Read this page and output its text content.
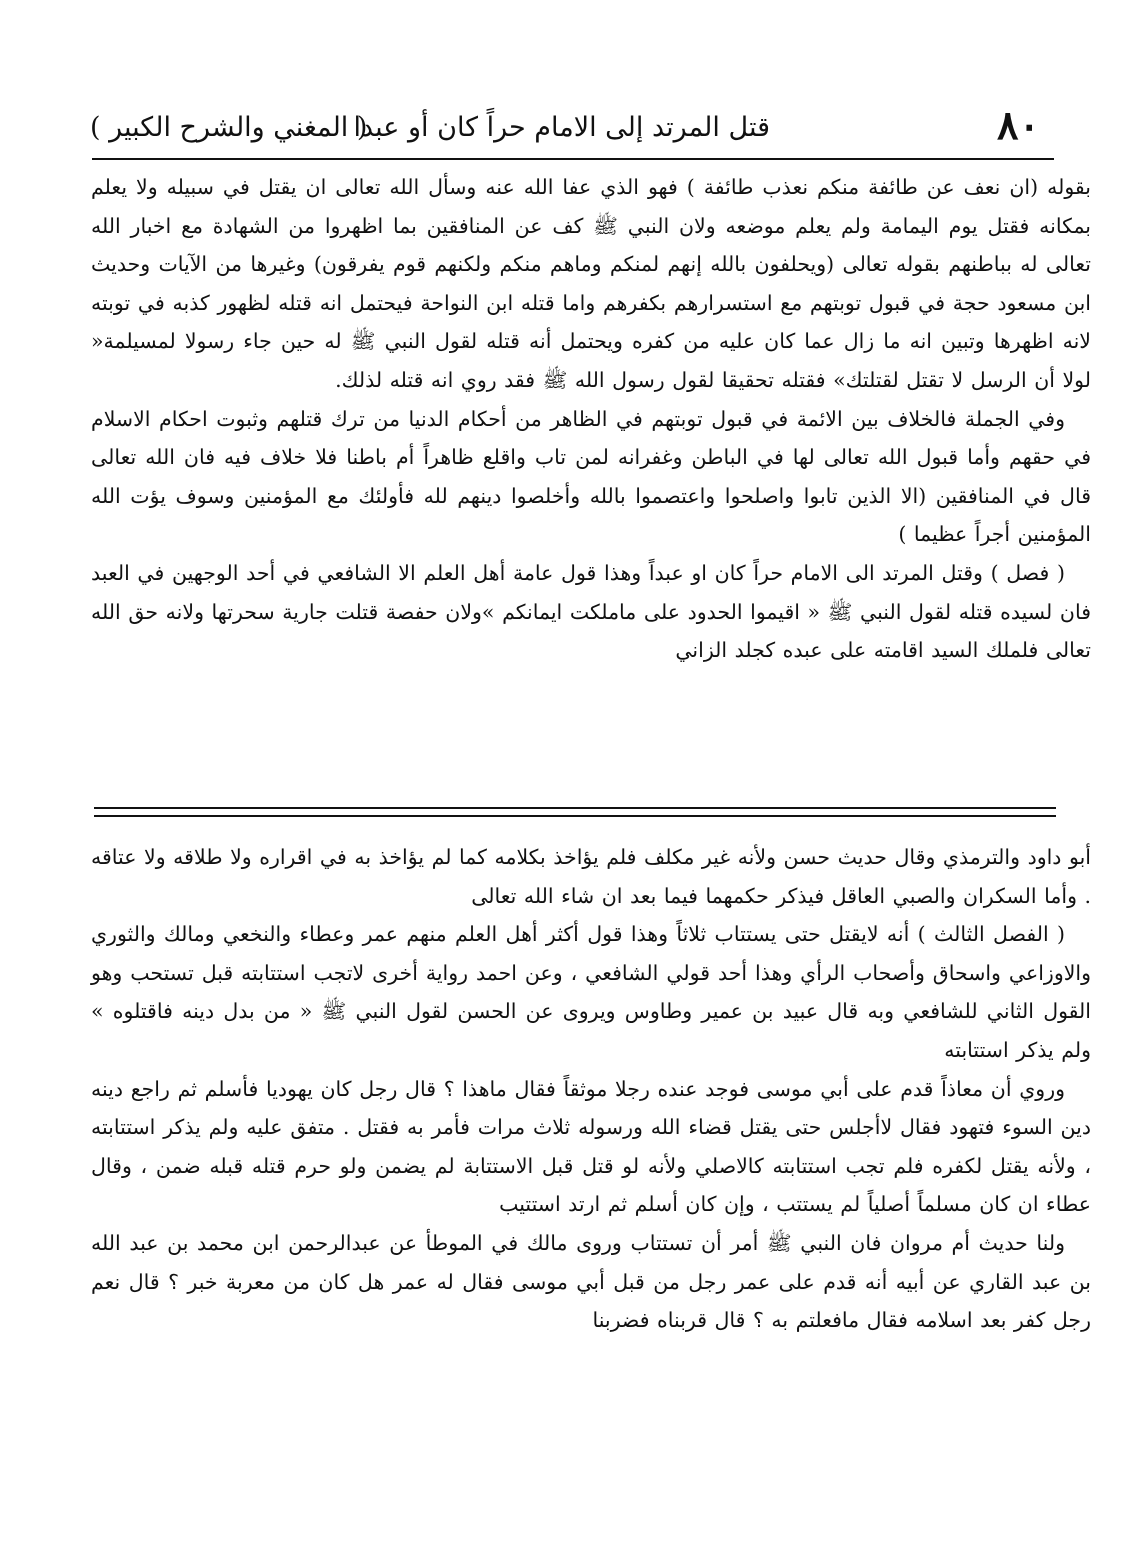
٨٠
قتل المرتد إلى الامام حراً كان أو عبدا
( المغني والشرح الكبير )

بقوله (ان نعف عن طائفة منكم نعذب طائفة ) فهو الذي عفا الله عنه وسأل الله تعالى ان يقتل في سبيله ولا يعلم بمكانه فقتل يوم اليمامة ولم يعلم موضعه ولان النبي ﷺ كف عن المنافقين بما اظهروا من الشهادة مع اخبار الله تعالى له بباطنهم بقوله تعالى (ويحلفون بالله إنهم لمنكم وماهم منكم ولكنهم قوم يفرقون) وغيرها من الآيات وحديث ابن مسعود حجة في قبول توبتهم مع استسرارهم بكفرهم واما قتله ابن النواحة فيحتمل انه قتله لظهور كذبه في توبته لانه اظهرها وتبين انه ما زال عما كان عليه من كفره ويحتمل أنه قتله لقول النبي ﷺ له حين جاء رسولا لمسيلمة« لولا أن الرسل لا تقتل لقتلتك» فقتله تحقيقا لقول رسول الله ﷺ فقد روي انه قتله لذلك.

وفي الجملة فالخلاف بين الائمة في قبول توبتهم في الظاهر من أحكام الدنيا من ترك قتلهم وثبوت احكام الاسلام في حقهم وأما قبول الله تعالى لها في الباطن وغفرانه لمن تاب واقلع ظاهراً أم باطنا فلا خلاف فيه فان الله تعالى قال في المنافقين (الا الذين تابوا واصلحوا واعتصموا بالله وأخلصوا دينهم لله فأولئك مع المؤمنين وسوف يؤت الله المؤمنين أجراً عظيما )

( فصل ) وقتل المرتد الى الامام حراً كان او عبداً وهذا قول عامة أهل العلم الا الشافعي في أحد الوجهين في العبد فان لسيده قتله لقول النبي ﷺ « اقيموا الحدود على ماملكت ايمانكم »ولان حفصة قتلت جارية سحرتها ولانه حق الله تعالى فلملك السيد اقامته على عبده كجلد الزاني

أبو داود والترمذي وقال حديث حسن ولأنه غير مكلف فلم يؤاخذ بكلامه كما لم يؤاخذ به في اقراره ولا طلاقه ولا عتاقه . وأما السكران والصبي العاقل فيذكر حكمهما فيما بعد ان شاء الله تعالى

( الفصل الثالث ) أنه لايقتل حتى يستتاب ثلاثاً وهذا قول أكثر أهل العلم منهم عمر وعطاء والنخعي ومالك والثوري والاوزاعي واسحاق وأصحاب الرأي وهذا أحد قولي الشافعي ، وعن احمد رواية أخرى لاتجب استتابته قبل تستحب وهو القول الثاني للشافعي وبه قال عبيد بن عمير وطاوس ويروى عن الحسن لقول النبي ﷺ « من بدل دينه فاقتلوه » ولم يذكر استتابته

وروي أن معاذاً قدم على أبي موسى فوجد عنده رجلا موثقاً فقال ماهذا ؟ قال رجل كان يهوديا فأسلم ثم راجع دينه دين السوء فتهود فقال لاأجلس حتى يقتل قضاء الله ورسوله ثلاث مرات فأمر به فقتل . متفق عليه ولم يذكر استتابته ، ولأنه يقتل لكفره فلم تجب استتابته كالاصلي ولأنه لو قتل قبل الاستتابة لم يضمن ولو حرم قتله قبله ضمن ، وقال عطاء ان كان مسلماً أصلياً لم يستتب ، وإن كان أسلم ثم ارتد استتيب

ولنا حديث أم مروان فان النبي ﷺ أمر أن تستتاب وروى مالك في الموطأ عن عبدالرحمن ابن محمد بن عبد الله بن عبد القاري عن أبيه أنه قدم على عمر رجل من قبل أبي موسى فقال له عمر هل كان من معربة خبر ؟ قال نعم رجل كفر بعد اسلامه فقال مافعلتم به ؟ قال قربناه فضربنا
